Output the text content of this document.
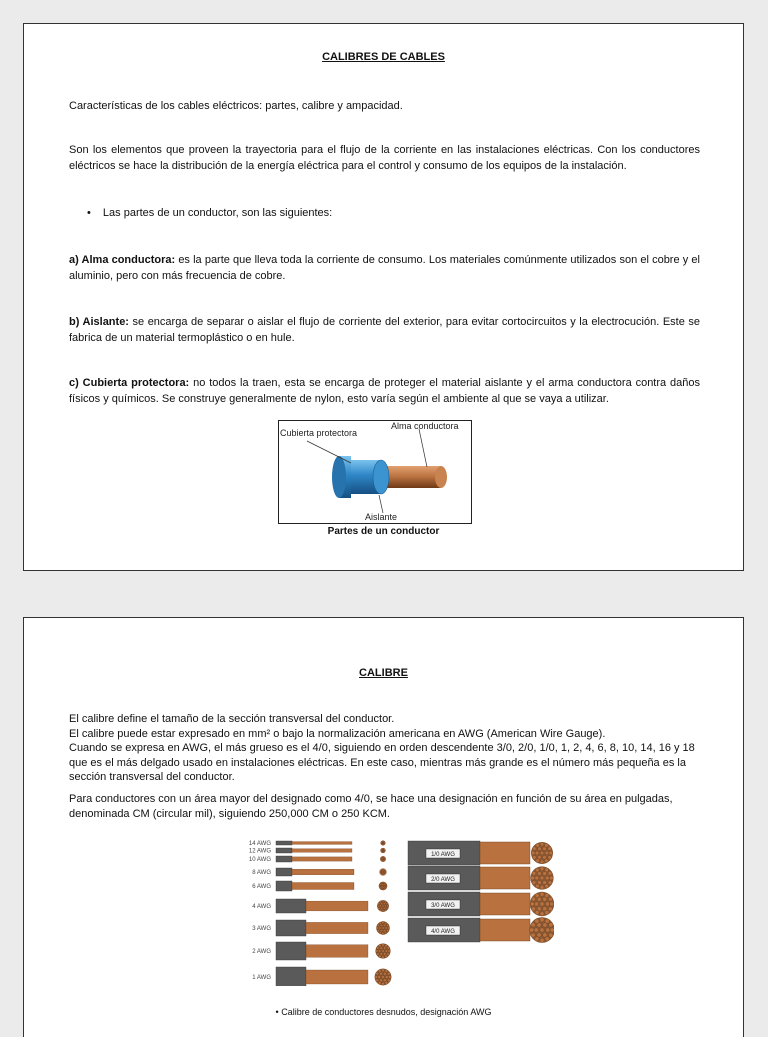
CALIBRES DE CABLES
Características de los cables eléctricos: partes, calibre y ampacidad.
Son los elementos que proveen la trayectoria para el flujo de la corriente en las instalaciones eléctricas. Con los conductores eléctricos se hace la distribución de la energía eléctrica para el control y consumo de los equipos de la instalación.
• Las partes de un conductor, son las siguientes:
a) Alma conductora: es la parte que lleva toda la corriente de consumo. Los materiales comúnmente utilizados son el cobre y el aluminio, pero con más frecuencia de cobre.
b) Aislante: se encarga de separar o aislar el flujo de corriente del exterior, para evitar cortocircuitos y la electrocución. Este se fabrica de un material termoplástico o en hule.
c) Cubierta protectora: no todos la traen, esta se encarga de proteger el material aislante y el arma conductora contra daños físicos y químicos. Se construye generalmente de nylon, esto varía según el ambiente al que se vaya a utilizar.
Cubierta protectora
Alma conductora
Aislante
Partes de un conductor
CALIBRE
El calibre define el tamaño de la sección transversal del conductor.
El calibre puede estar expresado en mm² o bajo la normalización americana en AWG (American Wire Gauge).
Cuando se expresa en AWG, el más grueso es el 4/0, siguiendo en orden descendente 3/0, 2/0, 1/0, 1, 2, 4, 6, 8, 10, 14, 16 y 18 que es el más delgado usado en instalaciones eléctricas. En este caso, mientras más grande es el número más pequeña es la sección transversal del conductor.
Para conductores con un área mayor del designado como 4/0, se hace una designación en función de su área en pulgadas, denominada CM (circular mil), siguiendo 250,000 CM o 250 KCM.
14 AWG
12 AWG
10 AWG
8 AWG
6 AWG
4 AWG
3 AWG
2 AWG
1 AWG
1/0 AWG
2/0 AWG
3/0 AWG
4/0 AWG
• Calibre de conductores desnudos, designación AWG
